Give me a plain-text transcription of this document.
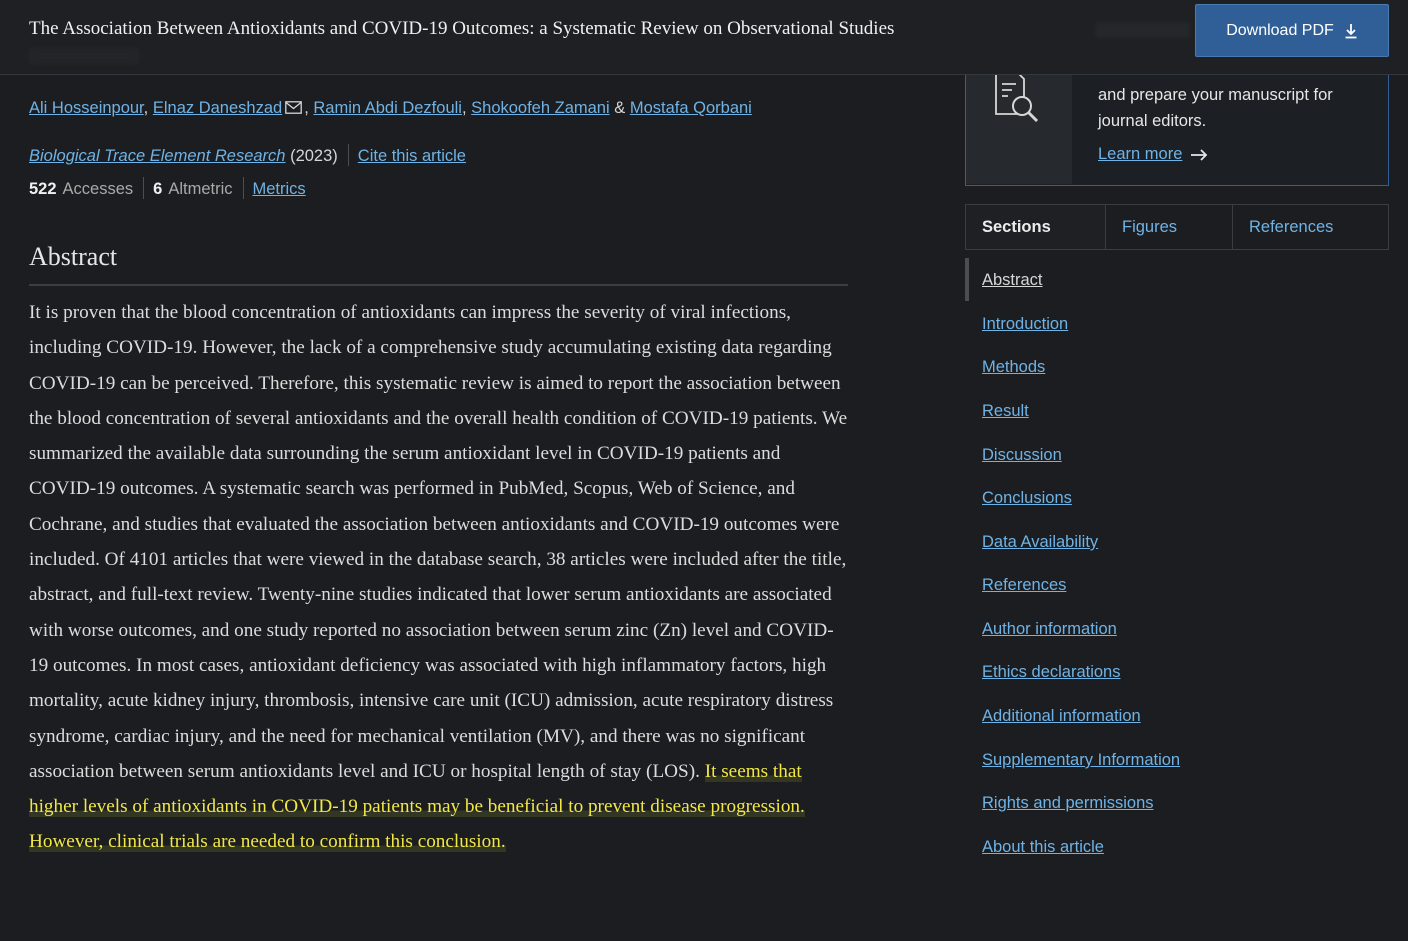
The Association Between Antioxidants and COVID-19 Outcomes: a Systematic Review on Observational Studies	Download PDF
Ali Hosseinpour, Elnaz Daneshzad , Ramin Abdi Dezfouli, Shokoofeh Zamani & Mostafa Qorbani
Biological Trace Element Research (2023) Cite this article
522 Accesses 6 Altmetric Metrics
Abstract
It is proven that the blood concentration of antioxidants can impress the severity of viral infections, including COVID-19. However, the lack of a comprehensive study accumulating existing data regarding COVID-19 can be perceived. Therefore, this systematic review is aimed to report the association between the blood concentration of several antioxidants and the overall health condition of COVID-19 patients. We summarized the available data surrounding the serum antioxidant level in COVID-19 patients and COVID-19 outcomes. A systematic search was performed in PubMed, Scopus, Web of Science, and Cochrane, and studies that evaluated the association between antioxidants and COVID-19 outcomes were included. Of 4101 articles that were viewed in the database search, 38 articles were included after the title, abstract, and full-text review. Twenty-nine studies indicated that lower serum antioxidants are associated with worse outcomes, and one study reported no association between serum zinc (Zn) level and COVID-19 outcomes. In most cases, antioxidant deficiency was associated with high inflammatory factors, high mortality, acute kidney injury, thrombosis, intensive care unit (ICU) admission, acute respiratory distress syndrome, cardiac injury, and the need for mechanical ventilation (MV), and there was no significant association between serum antioxidants level and ICU or hospital length of stay (LOS). It seems that higher levels of antioxidants in COVID-19 patients may be beneficial to prevent disease progression. However, clinical trials are needed to confirm this conclusion.
and prepare your manuscript for journal editors.
Learn more
Sections	Figures	References
Abstract
Introduction
Methods
Result
Discussion
Conclusions
Data Availability
References
Author information
Ethics declarations
Additional information
Supplementary Information
Rights and permissions
About this article
